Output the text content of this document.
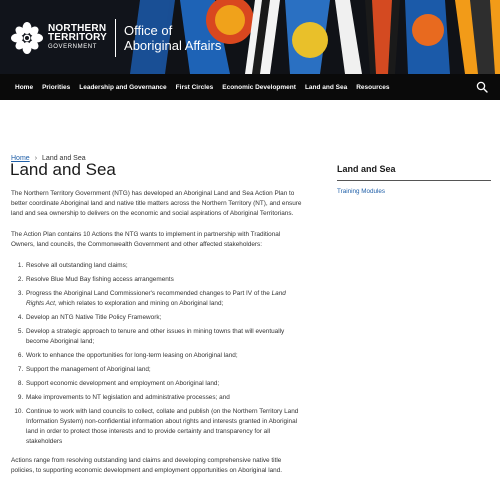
NORTHERN
TERRITORY
GOVERNMENT
Office of
Aboriginal Affairs
Home Priorities Leadership and Governance First Circles Economic Development Land and Sea Resources
Home › Land and Sea
Land and Sea

The Northern Territory Government (NTG) has developed an Aboriginal Land and Sea Action Plan to better coordinate Aboriginal land and native title matters across the Northern Territory (NT), and ensure land and sea ownership to delivers on the economic and social aspirations of Aboriginal Territorians.

The Action Plan contains 10 Actions the NTG wants to implement in partnership with Traditional Owners, land councils, the Commonwealth Government and other affected stakeholders:

1. Resolve all outstanding land claims;
2. Resolve Blue Mud Bay fishing access arrangements
3. Progress the Aboriginal Land Commissioner's recommended changes to Part IV of the Land Rights Act, which relates to exploration and mining on Aboriginal land;
4. Develop an NTG Native Title Policy Framework;
5. Develop a strategic approach to tenure and other issues in mining towns that will eventually become Aboriginal land;
6. Work to enhance the opportunities for long-term leasing on Aboriginal land;
7. Support the management of Aboriginal land;
8. Support economic development and employment on Aboriginal land;
9. Make improvements to NT legislation and administrative processes; and
10. Continue to work with land councils to collect, collate and publish (on the Northern Territory Land Information System) non-confidential information about rights and interests granted in Aboriginal land in order to protect those interests and to provide certainty and transparency for all stakeholders

Actions range from resolving outstanding land claims and developing comprehensive native title policies, to supporting economic development and employment opportunities on Aboriginal land.

Land and Sea
Training Modules
